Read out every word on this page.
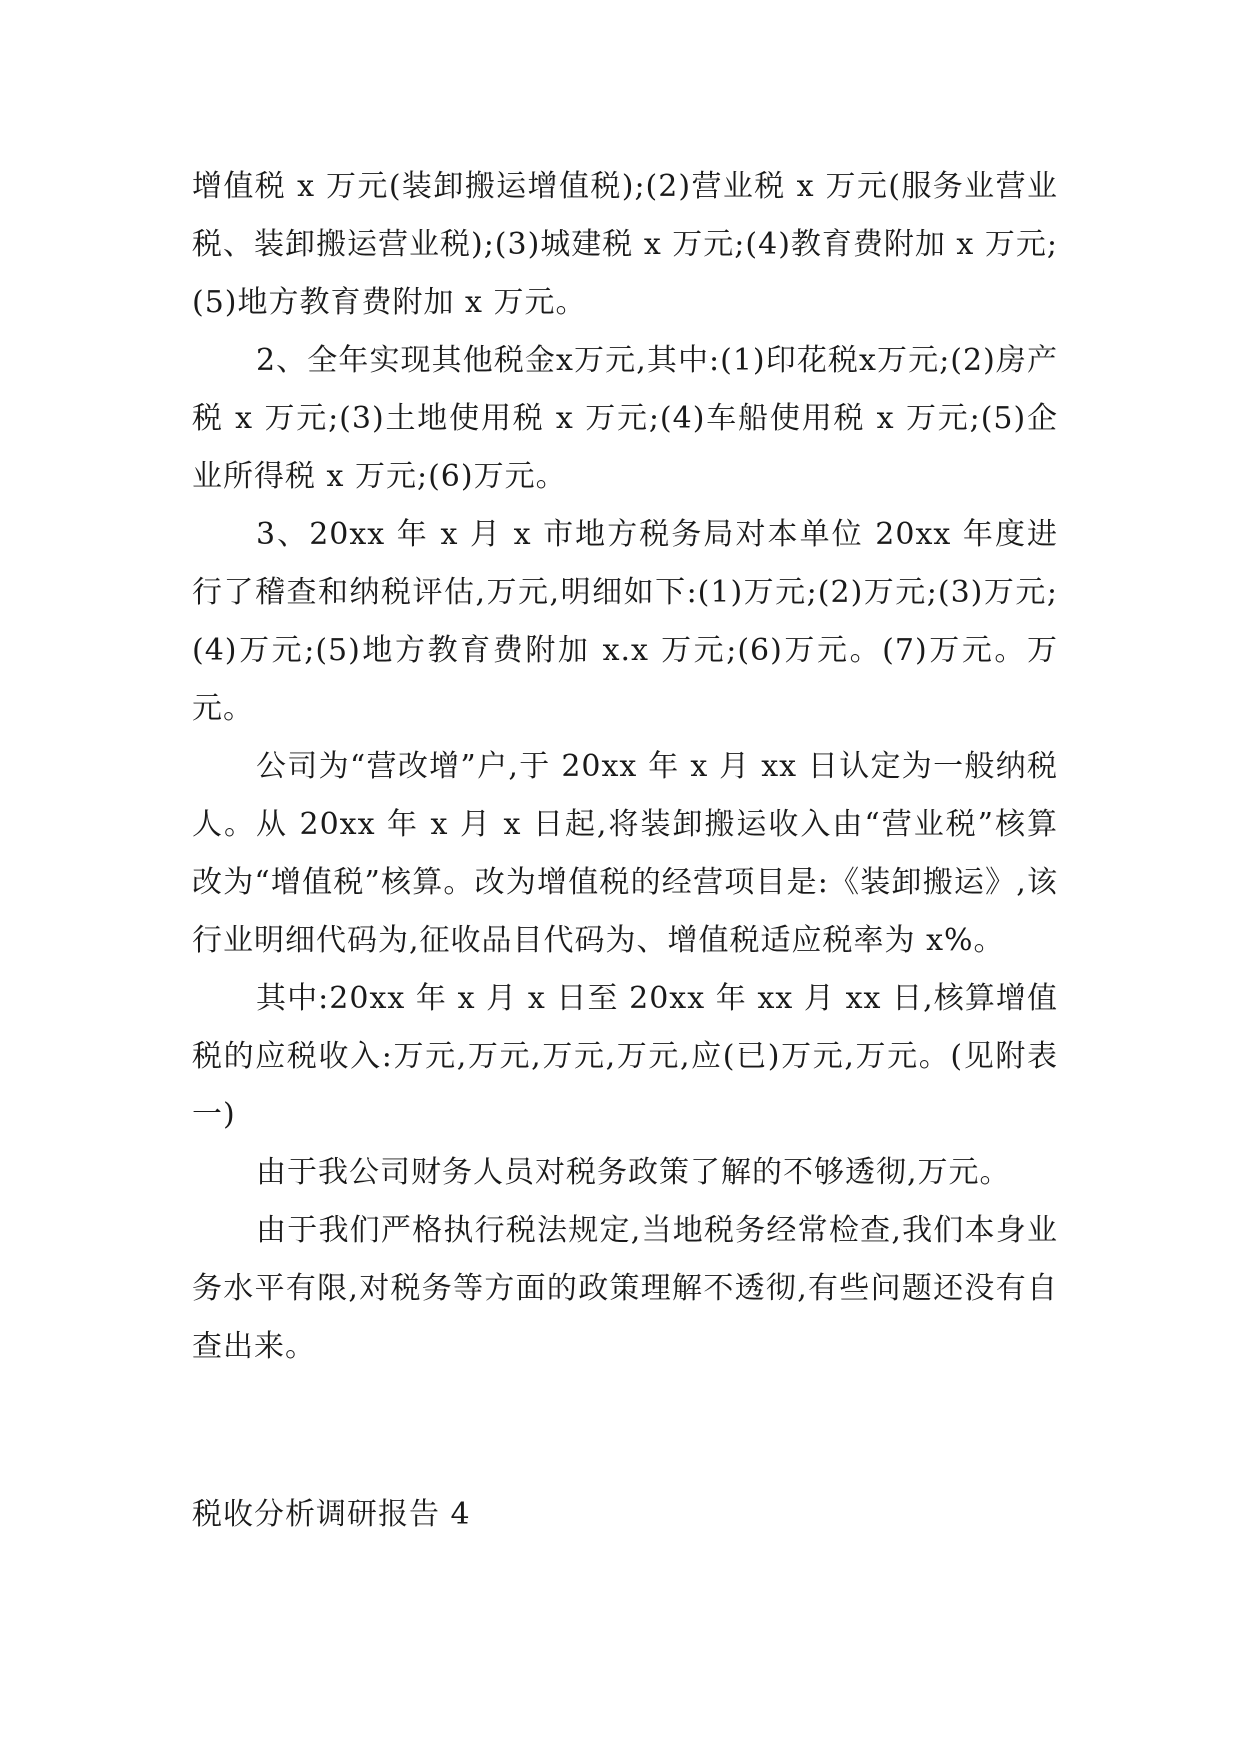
增值税 x 万元(装卸搬运增值税);(2)营业税 x 万元(服务业营业税、装卸搬运营业税);(3)城建税 x 万元;(4)教育费附加 x 万元;(5)地方教育费附加 x 万元。

2、全年实现其他税金x万元,其中:(1)印花税x万元;(2)房产税 x 万元;(3)土地使用税 x 万元;(4)车船使用税 x 万元;(5)企业所得税 x 万元;(6)万元。

3、20xx 年 x 月 x 市地方税务局对本单位 20xx 年度进行了稽查和纳税评估,万元,明细如下:(1)万元;(2)万元;(3)万元;(4)万元;(5)地方教育费附加 x.x 万元;(6)万元。(7)万元。万元。

公司为“营改增”户,于 20xx 年 x 月 xx 日认定为一般纳税人。从 20xx 年 x 月 x 日起,将装卸搬运收入由“营业税”核算改为“增值税”核算。改为增值税的经营项目是:《装卸搬运》,该行业明细代码为,征收品目代码为、增值税适应税率为 x%。

其中:20xx 年 x 月 x 日至 20xx 年 xx 月 xx 日,核算增值税的应税收入:万元,万元,万元,万元,应(已)万元,万元。(见附表一)

由于我公司财务人员对税务政策了解的不够透彻,万元。

由于我们严格执行税法规定,当地税务经常检查,我们本身业务水平有限,对税务等方面的政策理解不透彻,有些问题还没有自查出来。

税收分析调研报告 4
